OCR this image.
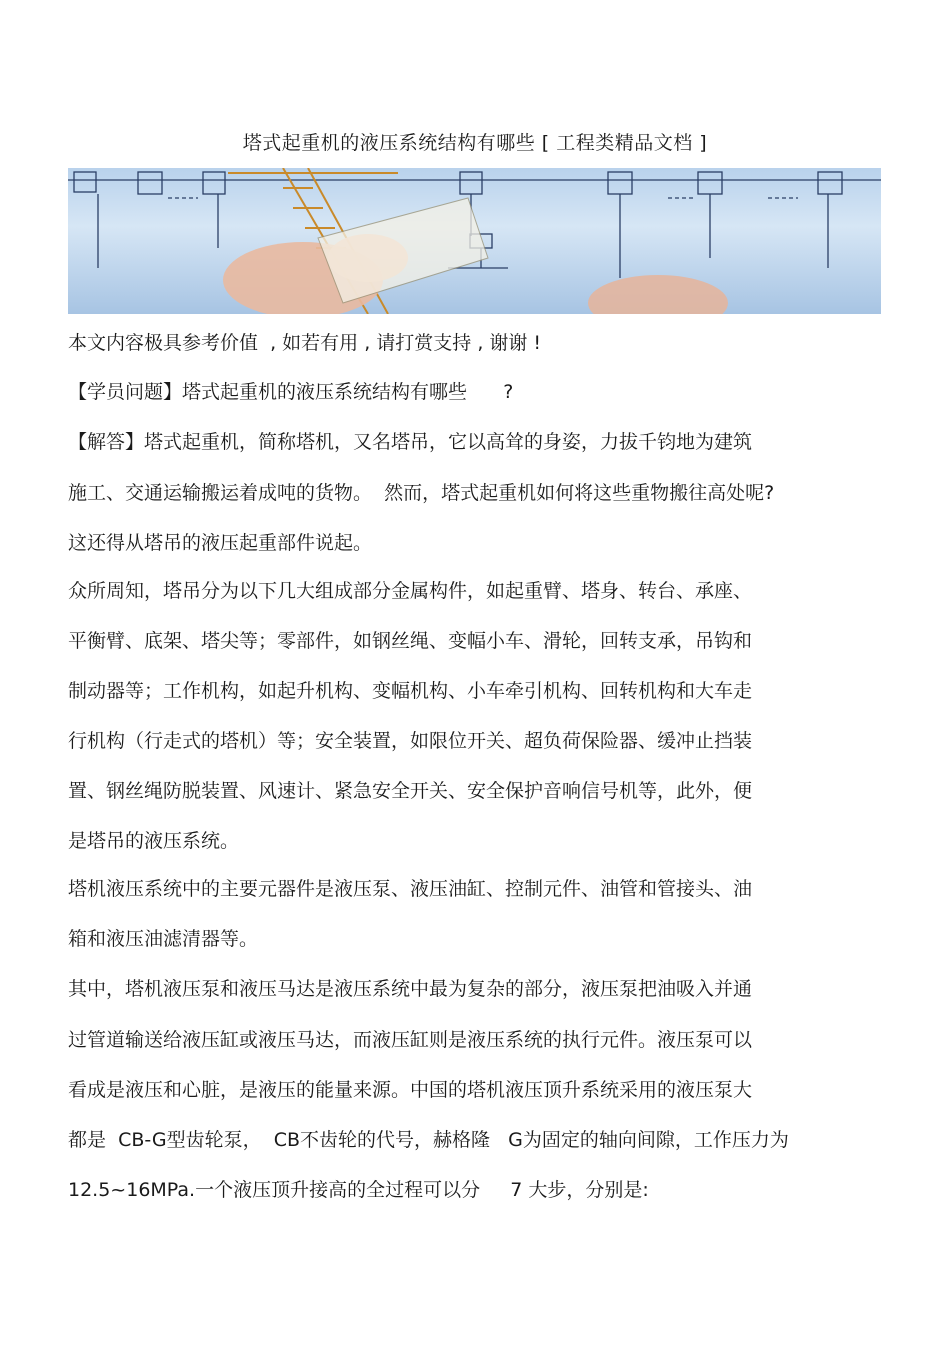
塔式起重机的液压系统结构有哪些 [ 工程类精品文档 ]
本文内容极具参考价值  , 如若有用 , 请打赏支持 , 谢谢 !
【学员问题】塔式起重机的液压系统结构有哪些      ?
【解答】塔式起重机，简称塔机，又名塔吊，它以高耸的身姿，力拔千钧地为建筑
施工、交通运输搬运着成吨的货物。  然而，塔式起重机如何将这些重物搬往高处呢?
这还得从塔吊的液压起重部件说起。
众所周知，塔吊分为以下几大组成部分金属构件，如起重臂、塔身、转台、承座、
平衡臂、底架、塔尖等；零部件，如钢丝绳、变幅小车、滑轮，回转支承，吊钩和
制动器等；工作机构，如起升机构、变幅机构、小车牵引机构、回转机构和大车走
行机构（行走式的塔机）等；安全装置，如限位开关、超负荷保险器、缓冲止挡装
置、钢丝绳防脱装置、风速计、紧急安全开关、安全保护音响信号机等，此外，便
是塔吊的液压系统。
塔机液压系统中的主要元器件是液压泵、液压油缸、控制元件、油管和管接头、油
箱和液压油滤清器等。
其中，塔机液压泵和液压马达是液压系统中最为复杂的部分，液压泵把油吸入并通
过管道输送给液压缸或液压马达，而液压缸则是液压系统的执行元件。液压泵可以
看成是液压和心脏，是液压的能量来源。中国的塔机液压顶升系统采用的液压泵大
都是  CB-G型齿轮泵，  CB不齿轮的代号，赫格隆   G为固定的轴向间隙，工作压力为
12.5~16MPa.一个液压顶升接高的全过程可以分     7 大步，分别是:
